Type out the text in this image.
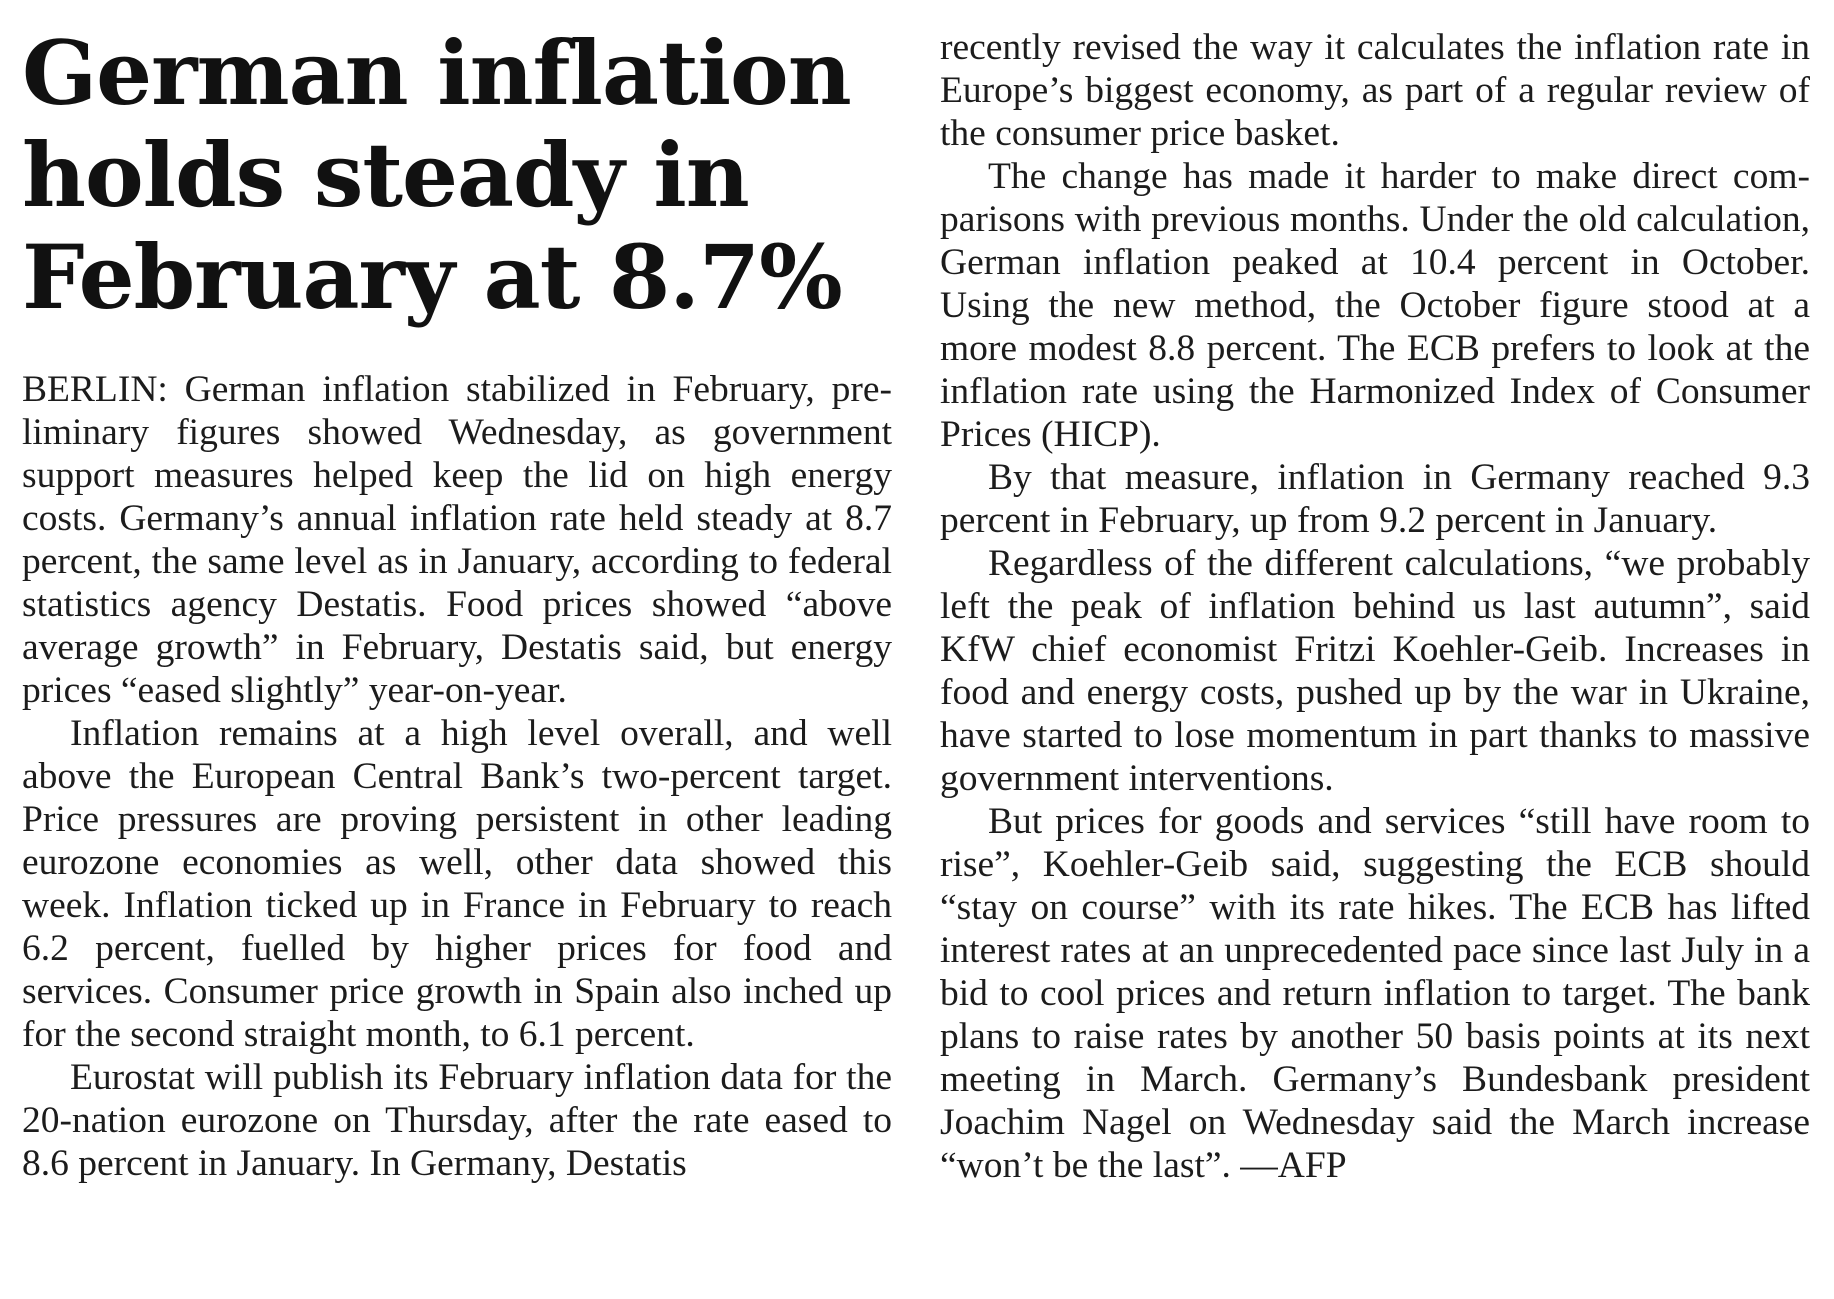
German inflation holds steady in February at 8.7%

BERLIN: German inflation stabilized in February, preliminary figures showed Wednesday, as government support measures helped keep the lid on high energy costs. Germany’s annual inflation rate held steady at 8.7 percent, the same level as in January, according to federal statistics agency Destatis. Food prices showed “above average growth” in February, Destatis said, but energy prices “eased slightly” year-on-year.

Inflation remains at a high level overall, and well above the European Central Bank’s two-percent target. Price pressures are proving persistent in other leading eurozone economies as well, other data showed this week. Inflation ticked up in France in February to reach 6.2 percent, fuelled by higher prices for food and services. Consumer price growth in Spain also inched up for the second straight month, to 6.1 percent.

Eurostat will publish its February inflation data for the 20-nation eurozone on Thursday, after the rate eased to 8.6 percent in January. In Germany, Destatis

recently revised the way it calculates the inflation rate in Europe’s biggest economy, as part of a regular review of the consumer price basket.

The change has made it harder to make direct comparisons with previous months. Under the old calculation, German inflation peaked at 10.4 percent in October. Using the new method, the October figure stood at a more modest 8.8 percent. The ECB prefers to look at the inflation rate using the Harmonized Index of Consumer Prices (HICP).

By that measure, inflation in Germany reached 9.3 percent in February, up from 9.2 percent in January.

Regardless of the different calculations, “we probably left the peak of inflation behind us last autumn”, said KfW chief economist Fritzi Koehler-Geib. Increases in food and energy costs, pushed up by the war in Ukraine, have started to lose momentum in part thanks to massive government interventions.

But prices for goods and services “still have room to rise”, Koehler-Geib said, suggesting the ECB should “stay on course” with its rate hikes. The ECB has lifted interest rates at an unprecedented pace since last July in a bid to cool prices and return inflation to target. The bank plans to raise rates by another 50 basis points at its next meeting in March. Germany’s Bundesbank president Joachim Nagel on Wednesday said the March increase “won’t be the last”. —AFP
